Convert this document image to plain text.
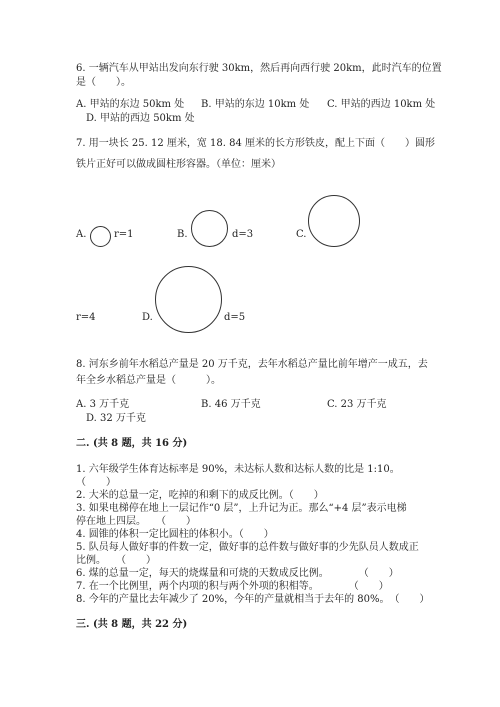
6. 一辆汽车从甲站出发向东行驶 30km，然后再向西行驶 20km，此时汽车的位置
是（　　）。
A. 甲站的东边 50km 处 B. 甲站的东边 10km 处 C. 甲站的西边 10km 处
D. 甲站的西边 50km 处
7. 用一块长 25. 12 厘米，宽 18. 84 厘米的长方形铁皮，配上下面（　　）圆形
铁片正好可以做成圆柱形容器。（单位：厘米）
A.	r=1	B.	d=3	C.
r=4	D.	d=5
8. 河东乡前年水稻总产量是 20 万千克，去年水稻总产量比前年增产一成五，去
年全乡水稻总产量是（　　　）。
A. 3 万千克	B. 46 万千克	C. 23 万千克
D. 32 万千克
二. (共 8 题，共 16 分)
1. 六年级学生体育达标率是 90%，未达标人数和达标人数的比是 1:10。
（　　）
2. 大米的总量一定，吃掉的和剩下的成反比例。（　　）
3. 如果电梯停在地上一层记作“0 层”，上升记为正。那么“+4 层”表示电梯
停在地上四层。　　（　　）
4. 圆锥的体积一定比圆柱的体积小。（　　）
5. 队员每人做好事的件数一定，做好事的总件数与做好事的少先队员人数成正
比例。　　（　　）
6. 煤的总量一定，每天的烧煤量和可烧的天数成反比例。　　　　（　　）
7. 在一个比例里，两个内项的积与两个外项的积相等。　　　　（　　）
8. 今年的产量比去年减少了 20%，今年的产量就相当于去年的 80%。　（　　）
三. (共 8 题，共 22 分)
